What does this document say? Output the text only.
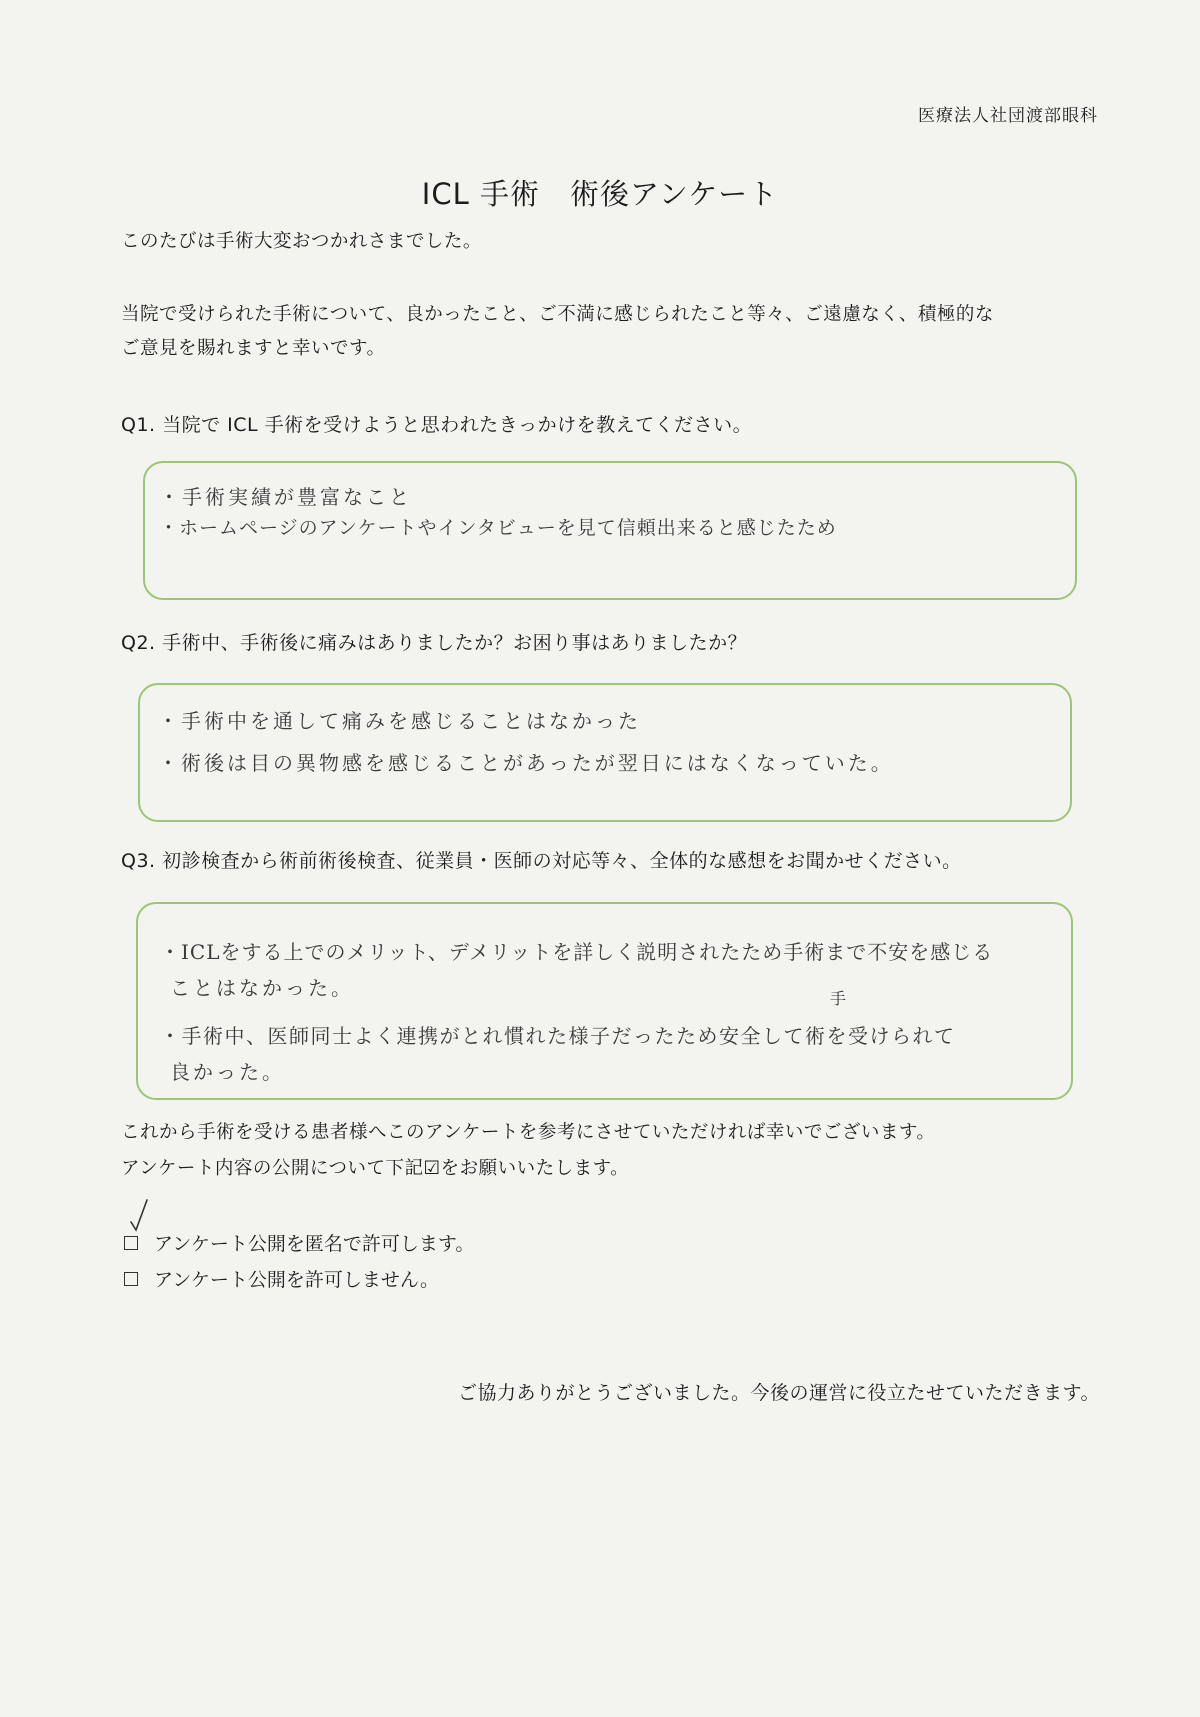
医療法人社団渡部眼科
ICL 手術　術後アンケート
このたびは手術大変おつかれさまでした。
当院で受けられた手術について、良かったこと、ご不満に感じられたこと等々、ご遠慮なく、積極的な
ご意見を賜れますと幸いです。
Q1. 当院で ICL 手術を受けようと思われたきっかけを教えてください。
・手術実績が豊富なこと
・ホームページのアンケートやインタビューを見て信頼出来ると感じたため
Q2. 手術中、手術後に痛みはありましたか？お困り事はありましたか？
・手術中を通して痛みを感じることはなかった
・術後は目の異物感を感じることがあったが翌日にはなくなっていた。
Q3. 初診検査から術前術後検査、従業員・医師の対応等々、全体的な感想をお聞かせください。
・ICLをする上でのメリット、デメリットを詳しく説明されたため手術まで不安を感じる
ことはなかった。	手
・手術中、医師同士よく連携がとれ慣れた様子だったため安全して術を受けられて
良かった。
これから手術を受ける患者様へこのアンケートを参考にさせていただければ幸いでございます。
アンケート内容の公開について下記☑をお願いいたします。
アンケート公開を匿名で許可します。
アンケート公開を許可しません。
ご協力ありがとうございました。今後の運営に役立たせていただきます。
